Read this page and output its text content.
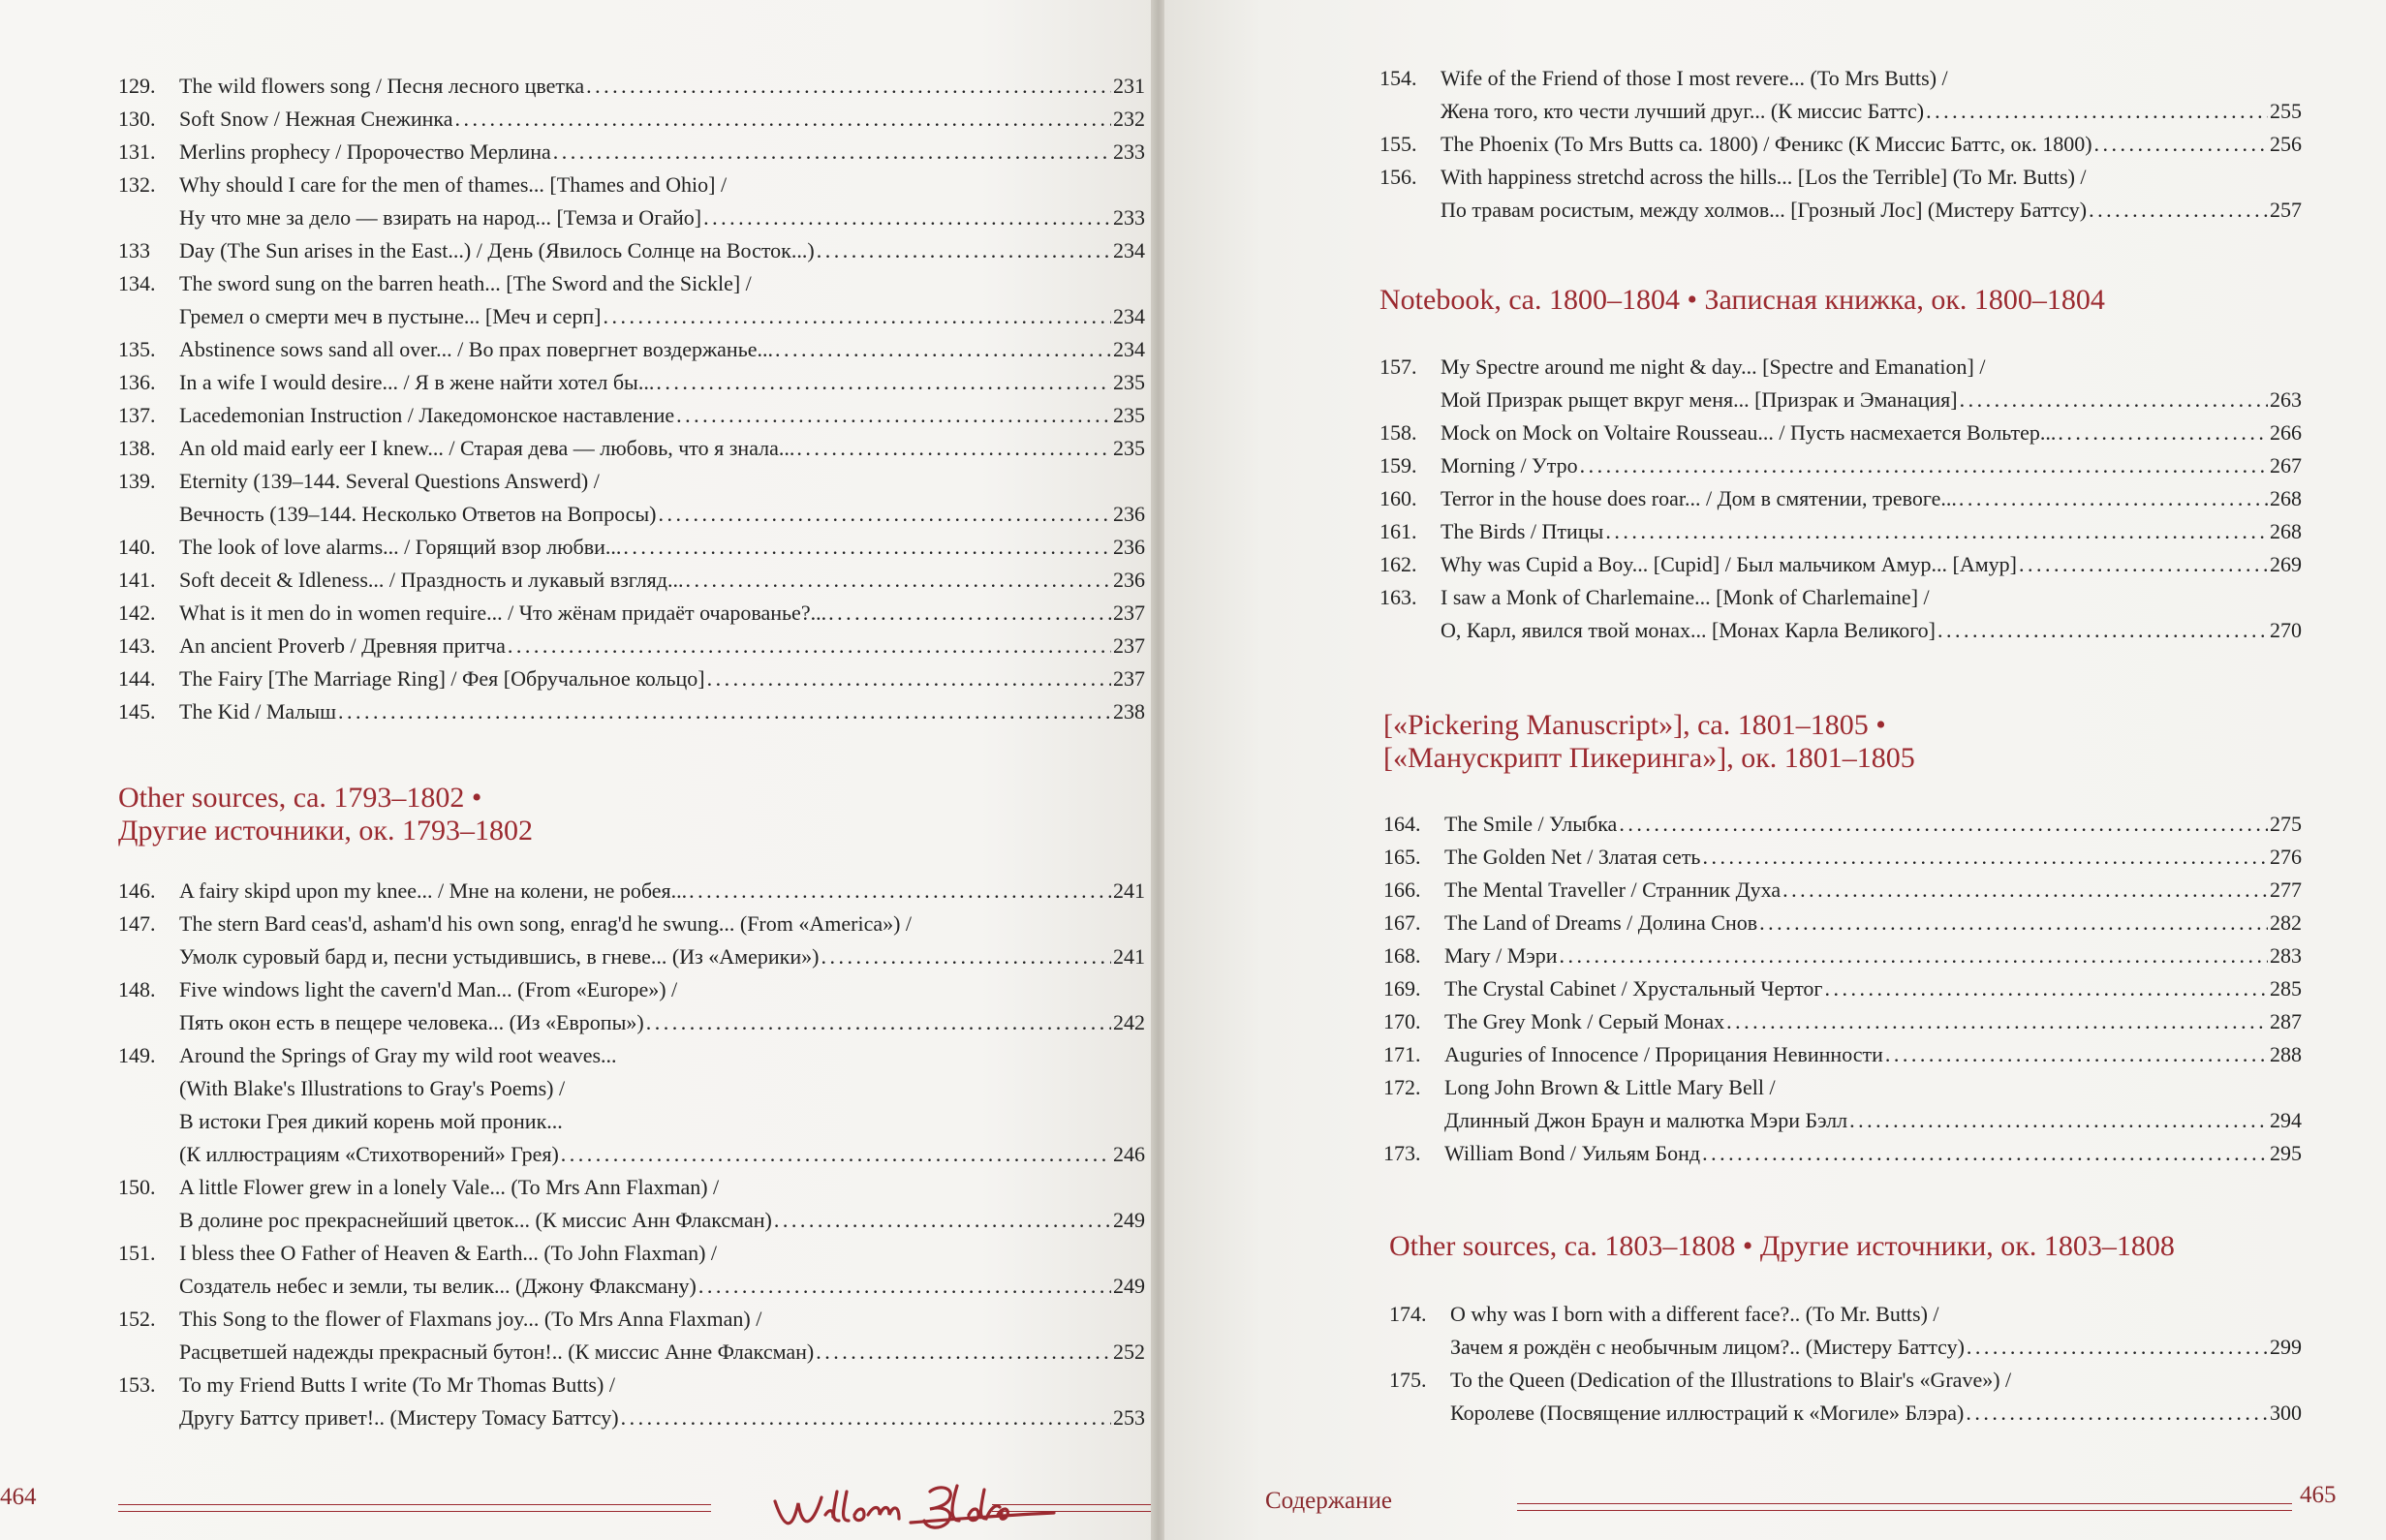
129.	The wild flowers song / Песня лесного цветка . . .	231
130.	Soft Snow / Нежная Снежинка . . .	232
131.	Merlins prophecy / Пророчество Мерлина . . .	233
132.	Why should I care for the men of thames... [Thames and Ohio] /
Ну что мне за дело — взирать на народ... [Темза и Огайо] . . .	233
133	Day (The Sun arises in the East...) / День (Явилось Солнце на Восток...) . . .	234
134.	The sword sung on the barren heath... [The Sword and the Sickle] /
Гремел о смерти меч в пустыне... [Меч и серп] . . .	234
135.	Abstinence sows sand all over... / Во прах повергнет воздержанье... . . .	234
136.	In a wife I would desire... / Я в жене найти хотел бы... . . .	235
137.	Lacedemonian Instruction / Лакедомонское наставление . . .	235
138.	An old maid early eer I knew... / Старая дева — любовь, что я знала... . . .	235
139.	Eternity (139–144. Several Questions Answerd) /
Вечность (139–144. Несколько Ответов на Вопросы) . . .	236
140.	The look of love alarms... / Горящий взор любви... . . .	236
141.	Soft deceit & Idleness... / Праздность и лукавый взгляд... . . .	236
142.	What is it men do in women require... / Что жёнам придаёт очарованье?... . . .	237
143.	An ancient Proverb / Древняя притча . . .	237
144.	The Fairy [The Marriage Ring] / Фея [Обручальное кольцо] . . .	237
145.	The Kid / Малыш . . .	238
Other sources, ca. 1793–1802 •
Другие источники, ок. 1793–1802
146.	A fairy skipd upon my knee... / Мне на колени, не робея... . . .	241
147.	The stern Bard ceas'd, asham'd his own song, enrag'd he swung... (From «America») /
Умолк суровый бард и, песни устыдившись, в гневе... (Из «Америки») . . .	241
148.	Five windows light the cavern'd Man... (From «Europe») /
Пять окон есть в пещере человека... (Из «Европы») . . .	242
149.	Around the Springs of Gray my wild root weaves...
(With Blake's Illustrations to Gray's Poems) /
В истоки Грея дикий корень мой проник...
(К иллюстрациям «Стихотворений» Грея) . . .	246
150.	A little Flower grew in a lonely Vale... (To Mrs Ann Flaxman) /
В долине рос прекраснейший цветок... (К миссис Анн Флаксман) . . .	249
151.	I bless thee O Father of Heaven & Earth... (To John Flaxman) /
Создатель небес и земли, ты велик... (Джону Флаксману) . . .	249
152.	This Song to the flower of Flaxmans joy... (To Mrs Anna Flaxman) /
Расцветшей надежды прекрасный бутон!.. (К миссис Анне Флаксман) . . .	252
153.	To my Friend Butts I write (To Mr Thomas Butts) /
Другу Баттсу привет!.. (Мистеру Томасу Баттсу) . . .	253
464
154.	Wife of the Friend of those I most revere... (To Mrs Butts) /
Жена того, кто чести лучший друг... (К миссис Баттс) . . .	255
155.	The Phoenix (To Mrs Butts ca. 1800) / Феникс (К Миссис Баттс, ок. 1800) . . .	256
156.	With happiness stretchd across the hills... [Los the Terrible] (To Mr. Butts) /
По травам росистым, между холмов... [Грозный Лос] (Мистеру Баттсу) . . .	257
Notebook, ca. 1800–1804 • Записная книжка, ок. 1800–1804
157.	My Spectre around me night & day... [Spectre and Emanation] /
Мой Призрак рыщет вкруг меня... [Призрак и Эманация] . . .	263
158.	Mock on Mock on Voltaire Rousseau... / Пусть насмехается Вольтер... . . .	266
159.	Morning / Утро . . .	267
160.	Terror in the house does roar... / Дом в смятении, тревоге... . . .	268
161.	The Birds / Птицы . . .	268
162.	Why was Cupid a Boy... [Cupid] / Был мальчиком Амур... [Амур] . . .	269
163.	I saw a Monk of Charlemaine... [Monk of Charlemaine] /
О, Карл, явился твой монах... [Монах Карла Великого] . . .	270
[«Pickering Manuscript»], ca. 1801–1805 •
[«Манускрипт Пикеринга»], ок. 1801–1805
164.	The Smile / Улыбка . . .	275
165.	The Golden Net / Златая сеть . . .	276
166.	The Mental Traveller / Странник Духа . . .	277
167.	The Land of Dreams / Долина Снов . . .	282
168.	Mary / Мэри . . .	283
169.	The Crystal Cabinet / Хрустальный Чертог . . .	285
170.	The Grey Monk / Серый Монах . . .	287
171.	Auguries of Innocence / Прорицания Невинности . . .	288
172.	Long John Brown & Little Mary Bell /
Длинный Джон Браун и малютка Мэри Бэлл . . .	294
173.	William Bond / Уильям Бонд . . .	295
Other sources, ca. 1803–1808 • Другие источники, ок. 1803–1808
174.	O why was I born with a different face?.. (To Mr. Butts) /
Зачем я рождён с необычным лицом?.. (Мистеру Баттсу) . . .	299
175.	To the Queen (Dedication of the Illustrations to Blair's «Grave») /
Королеве (Посвящение иллюстраций к «Могиле» Блэра) . . .	300
Содержание	465
